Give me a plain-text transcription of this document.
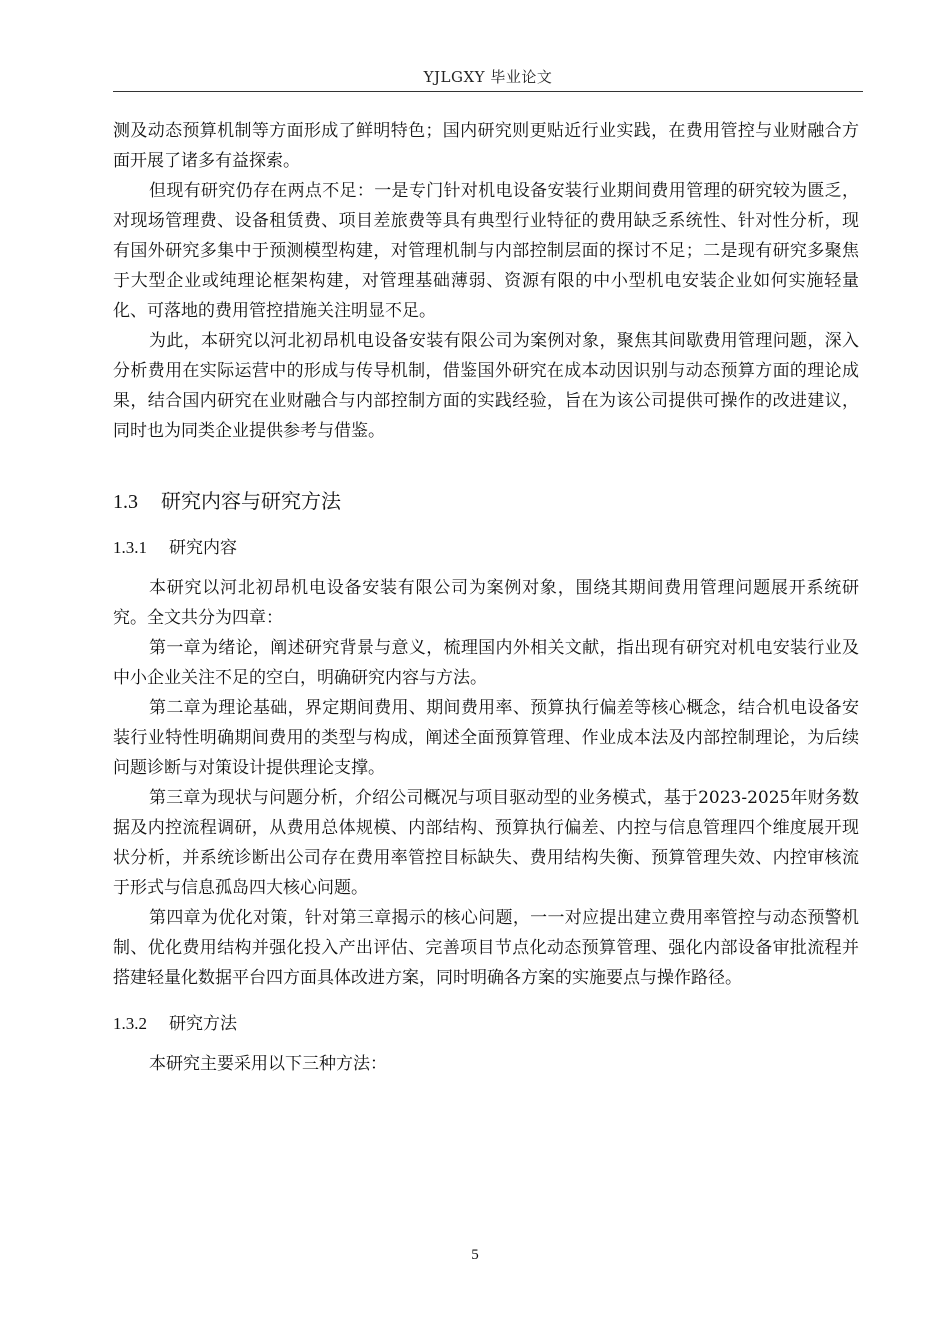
YJLGXY 毕业论文

测及动态预算机制等方面形成了鲜明特色；国内研究则更贴近行业实践，在费用管控与业财融合方面开展了诸多有益探索。

但现有研究仍存在两点不足：一是专门针对机电设备安装行业期间费用管理的研究较为匮乏，对现场管理费、设备租赁费、项目差旅费等具有典型行业特征的费用缺乏系统性、针对性分析，现有国外研究多集中于预测模型构建，对管理机制与内部控制层面的探讨不足；二是现有研究多聚焦于大型企业或纯理论框架构建，对管理基础薄弱、资源有限的中小型机电安装企业如何实施轻量化、可落地的费用管控措施关注明显不足。

为此，本研究以河北初昂机电设备安装有限公司为案例对象，聚焦其间歇费用管理问题，深入分析费用在实际运营中的形成与传导机制，借鉴国外研究在成本动因识别与动态预算方面的理论成果，结合国内研究在业财融合与内部控制方面的实践经验，旨在为该公司提供可操作的改进建议，同时也为同类企业提供参考与借鉴。

1.3 研究内容与研究方法
1.3.1 研究内容

本研究以河北初昂机电设备安装有限公司为案例对象，围绕其期间费用管理问题展开系统研究。全文共分为四章：

第一章为绪论，阐述研究背景与意义，梳理国内外相关文献，指出现有研究对机电安装行业及中小企业关注不足的空白，明确研究内容与方法。

第二章为理论基础，界定期间费用、期间费用率、预算执行偏差等核心概念，结合机电设备安装行业特性明确期间费用的类型与构成，阐述全面预算管理、作业成本法及内部控制理论，为后续问题诊断与对策设计提供理论支撑。

第三章为现状与问题分析，介绍公司概况与项目驱动型的业务模式，基于2023-2025年财务数据及内控流程调研，从费用总体规模、内部结构、预算执行偏差、内控与信息管理四个维度展开现状分析，并系统诊断出公司存在费用率管控目标缺失、费用结构失衡、预算管理失效、内控审核流于形式与信息孤岛四大核心问题。

第四章为优化对策，针对第三章揭示的核心问题，一一对应提出建立费用率管控与动态预警机制、优化费用结构并强化投入产出评估、完善项目节点化动态预算管理、强化内部设备审批流程并搭建轻量化数据平台四方面具体改进方案，同时明确各方案的实施要点与操作路径。

1.3.2 研究方法

本研究主要采用以下三种方法：

5
